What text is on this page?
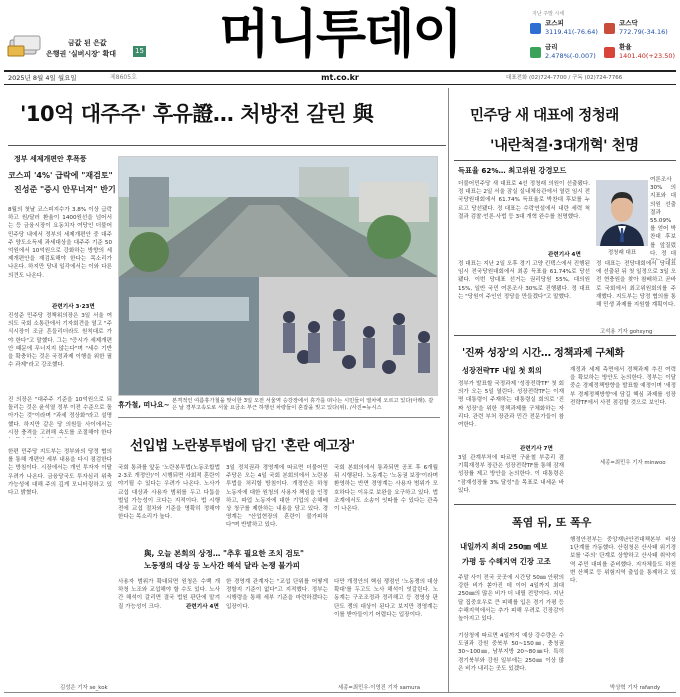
금값 된 은값
은행권 '실버시장' 확대	15	머니투데이	지난 주말 시세
코스피
3119.41(-76.64)
코스닥
772.79(-34.16)
금리
2.478%(-0.007)
환율
1401.40(+23.50)
2025년 8월 4일 월요일	제8605호	mt.co.kr	대표전화 (02)724-7700 / 구독 (02)724-7766
'10억 대주주' 후유證… 처방전 갈린 與
정부 세제개편안 후폭풍
코스피 '4%' 급락에 "재검토"
진성준 "증시 안무너져" 반기
8월의 첫날 코스피지수가 3.8% 이상 급락하고 원/달러 환율이 1400원선을 넘어서는 등 금융시장이 요동치자 여당인 더불어민주당 내에서 정부의 세제개편안 중 대주주 양도소득세 과세대상을 대주주 기준 50억원에서 10억원으로 강화하는 방향의 세제개편안을 재검토해야 한다는 목소리가 나온다. 하지만 당내 일각에서는 이와 다른 의견도 나온다.
관련기사 3·23면
진성준 민주당 정책위의장은 3일 서울 여의도 국회 소통관에서 기자회견을 열고 "주식시장이 조금 흔들리더라도 원칙대로 가야 한다"고 말했다. 그는 "증시가 세제개편안 때문에 무너지지 않는다"며 "세수 기반을 확충하는 것은 국정과제 이행을 위한 필수 과제"라고 강조했다.
진 의장은 "대주주 기준을 10억원으로 되돌리는 것은 윤석열 정부 이전 수준으로 돌아가는 것"이라며 "과세 정상화"라고 설명했다. 하지만 같은 당 의원들 사이에서는 시장 충격을 고려해 속도를 조절해야 한다
한편 민주당 지도부는 정부와의 당정 협의를 통해 개편안 세부 내용을 다시 점검한다는 방침이다. 시장에서는 개인 투자자 이탈 우려가 나온다. 금융당국도 투자심리 위축 가능성에 대해 주의 깊게 모니터링하고 있다고 밝혔다.
김성은 기자 se_kok
휴가철, 떠나요~ 본격적인 여름휴가철을 맞이한 3일 오전 서울역 승강장에서 휴가를 떠나는 시민들이 열차에 오르고 있다(아래). 같은 날 경부고속도로 서울 요금소 부근 하행선 차량들이 혼잡을 빚고 있다(위). /사진=뉴시스
선입법 노란봉투법에 담긴 '혼란 예고장'
국회 통과를 앞둔 '노란봉투법(노동조합법 2·3조 개정안)'이 시행되면 사회적 혼란이 야기될 수 있다는 우려가 나온다. 노사가 교섭 대상과 사용자 범위를 두고 다툼을 벌일 가능성이 크다는 지적이다. 법 시행 전에 교섭 절차와 기준을 명확히 정해야 한다는 목소리가 높다.
3일 정치권과 경영계에 따르면 더불어민주당은 오는 4일 국회 본회의에서 노란봉투법을 처리할 방침이다. 개정안은 하청 노동자에 대한 원청의 사용자 책임을 인정하고, 파업 노동자에 대한 기업의 손해배상 청구를 제한하는 내용을 담고 있다. 경영계는 "산업현장의 혼란이 불가피하다"며 반발하고 있다.
국회 본회의에서 통과되면 공포 후 6개월 뒤 시행된다. 노동계는 '노동권 보장'이라며 환영하는 반면 경영계는 사용자 범위가 모호하다는 이유로 보완을 요구하고 있다. 법조계에서도 소송이 잇따를 수 있다는 관측이 나온다.
與, 오늘 본회의 상정… "추후 필요한 조치 검토"
노동쟁의 대상 등 노사간 해석 달라 논쟁 불가피
사용자 범위가 확대되면 원청은 수백 개 하청 노조와 교섭해야 할 수도 있다. 노사 간 해석이 갈리면 결국 법원 판단에 맡겨질 가능성이 크다.	관련기사 4면
한 경영계 관계자는 "교섭 단위를 어떻게 정할지 기준이 없다"고 지적했다. 정부는 시행령을 통해 세부 기준을 마련하겠다는 입장이다.
다만 개정안의 핵심 쟁점인 '노동쟁의 대상 확대'를 두고도 노사 해석이 엇갈린다. 노동계는 구조조정과 정리해고 등 경영상 판단도 쟁의 대상이 된다고 보지만 경영계는 이를 받아들이기 어렵다는 입장이다.
세종=최민우·이영진 기자 samura
민주당 새 대표에 정청래
'내란척결·3대개혁' 천명
득표율 62%… 최고위원 강경모드
더불어민주당 새 대표로 4선 정청래 의원이 선출됐다. 정 대표는 2일 서울 잠실 실내체육관에서 열린 임시 전국당원대회에서 61.74% 득표율로 박찬대 후보를 누르고 당선됐다. 정 대표는 수락연설에서 내란 세력 척결과 검찰·언론·사법 등 3대 개혁 완수를 천명했다.
관련기사 4면
정 대표는 지난 2일 오후 경기 고양 킨텍스에서 진행된 임시 전국당원대회에서 최종 득표율 61.74%로 당선됐다. 이번 당대표 선거는 권리당원 55%, 대의원 15%, 일반 국민 여론조사 30%로 진행됐다. 정 대표는 "당원이 주인인 정당을 만들겠다"고 말했다.
정청래 대표
여론조사 30% 의 지표와 대의원 선출 결과 55.09%를 얻어 박찬대 후보를 앞질렀다. 정 대
정 대표는 전당대회에서 당대표에 선출된 뒤 첫 일정으로 3일 오전 현충원을 찾아 참배하고 곧바로 국회에서 최고위원회의를 주재했다. 지도부는 당정 협의를 통해 민생 과제를 지원할 계획이다.
고석용 기자 gohsyng
'진짜 성장'의 시간… 정책과제 구체화
성장전략TF 내일 첫 회의
정부가 발표할 국정과제 '성장전략TF' 첫 회의가 오는 5일 열린다. 성장전략TF는 이재명 대통령이 주재하는 대통령실 회의로 '진짜 성장'을 위한 정책과제를 구체화하는 자리다. 관련 부처 장관과 민간 전문가들이 참여한다.
관련기사 7면
3일 관계부처에 따르면 구윤철 부총리 겸 기획재정부 장관은 성장전략TF를 통해 잠재성장률 제고 방안을 논의한다. 이 대통령은 "잠재성장률 3% 달성"을 목표로 내세운 바 있다.
재정과 세제 측면에서 정책과제 추진 여력을 확보하는 방안도 논의한다. 정부는 이달 중순 경제정책방향을 발표할 예정이며 '새정부 경제정책방향'에 담길 핵심 과제를 성장전략TF에서 사전 점검할 것으로 보인다.
세종=최민우 기자 minwoo
폭염 뒤, 또 폭우
내일까지 최대 250㎜ 예보
가평 등 수해지역 긴장 고조
주말 사이 전국 곳곳에 시간당 50㎜ 안팎의 강한 비가 쏟아진 데 이어 4일까지 최대 250㎜의 많은 비가 더 내릴 전망이다. 지난달 집중호우로 큰 피해를 입은 경기 가평 등 수해지역에서는 추가 피해 우려로 긴장감이 높아지고 있다.
기상청에 따르면 4일까지 예상 강수량은 수도권과 강원 중북부 50~150㎜, 충청권 30~100㎜, 남부지방 20~80㎜다. 특히 경기북부와 강원 일부에는 250㎜ 이상 많은 비가 내리는 곳도 있겠다.
행정안전부는 중앙재난안전대책본부 비상 1단계를 가동했다. 산림청은 산사태 위기경보를 '주의' 단계로 상향하고 산사태 취약지역 주민 대피를 준비했다. 지자체들도 하천변 산책로 등 위험지역 출입을 통제하고 있다.
박상혁 기자 rafandy
